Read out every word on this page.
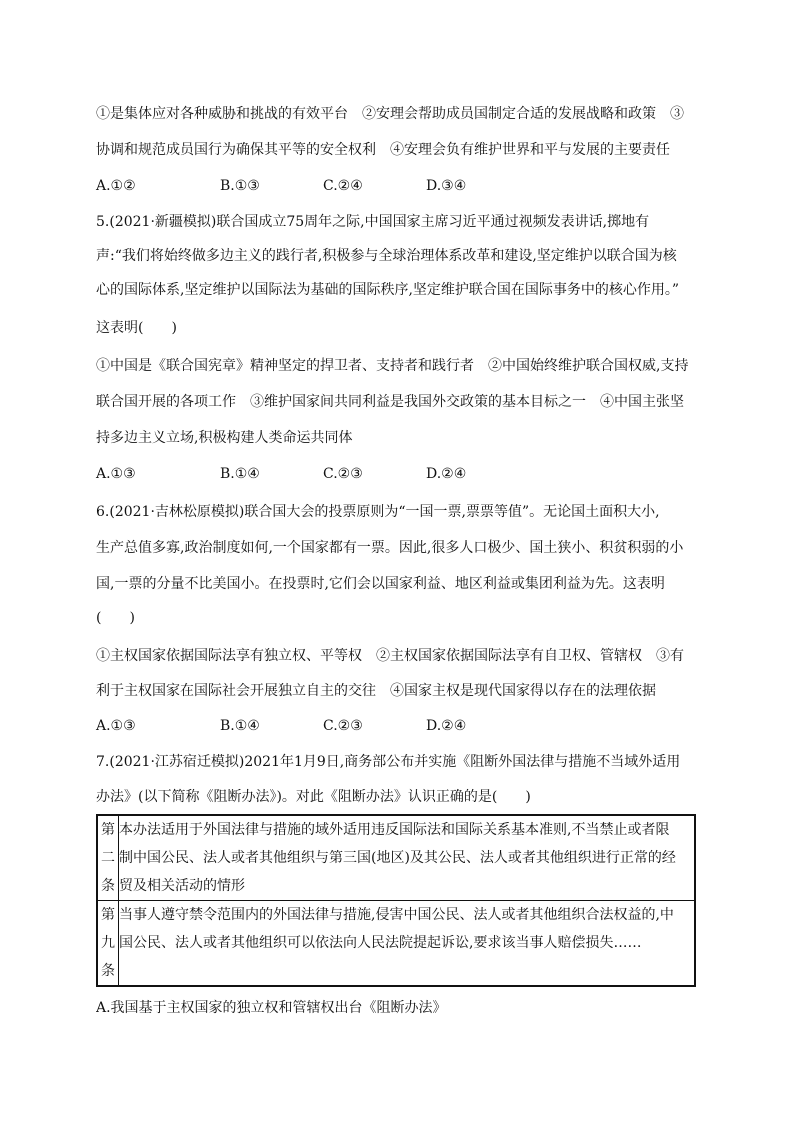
①是集体应对各种威胁和挑战的有效平台　②安理会帮助成员国制定合适的发展战略和政策　③
协调和规范成员国行为确保其平等的安全权利　④安理会负有维护世界和平与发展的主要责任
A.①②	B.①③	C.②④	D.③④
5.(2021·新疆模拟)联合国成立75周年之际,中国国家主席习近平通过视频发表讲话,掷地有
声:“我们将始终做多边主义的践行者,积极参与全球治理体系改革和建设,坚定维护以联合国为核
心的国际体系,坚定维护以国际法为基础的国际秩序,坚定维护联合国在国际事务中的核心作用。”
这表明(　　)
①中国是《联合国宪章》精神坚定的捍卫者、支持者和践行者　②中国始终维护联合国权威,支持
联合国开展的各项工作　③维护国家间共同利益是我国外交政策的基本目标之一　④中国主张坚
持多边主义立场,积极构建人类命运共同体
A.①③	B.①④	C.②③	D.②④
6.(2021·吉林松原模拟)联合国大会的投票原则为“一国一票,票票等值”。无论国土面积大小,
生产总值多寡,政治制度如何,一个国家都有一票。因此,很多人口极少、国土狭小、积贫积弱的小
国,一票的分量不比美国小。在投票时,它们会以国家利益、地区利益或集团利益为先。这表明
(　　)
①主权国家依据国际法享有独立权、平等权　②主权国家依据国际法享有自卫权、管辖权　③有
利于主权国家在国际社会开展独立自主的交往　④国家主权是现代国家得以存在的法理依据
A.①③	B.①④	C.②③	D.②④
7.(2021·江苏宿迁模拟)2021年1月9日,商务部公布并实施《阻断外国法律与措施不当域外适用
办法》(以下简称《阻断办法》)。对此《阻断办法》认识正确的是(　　)
第
二
条	本办法适用于外国法律与措施的域外适用违反国际法和国际关系基本准则,不当禁止或者限
制中国公民、法人或者其他组织与第三国(地区)及其公民、法人或者其他组织进行正常的经
贸及相关活动的情形

第
九
条	当事人遵守禁令范围内的外国法律与措施,侵害中国公民、法人或者其他组织合法权益的,中
国公民、法人或者其他组织可以依法向人民法院提起诉讼,要求该当事人赔偿损失……
A.我国基于主权国家的独立权和管辖权出台《阻断办法》
